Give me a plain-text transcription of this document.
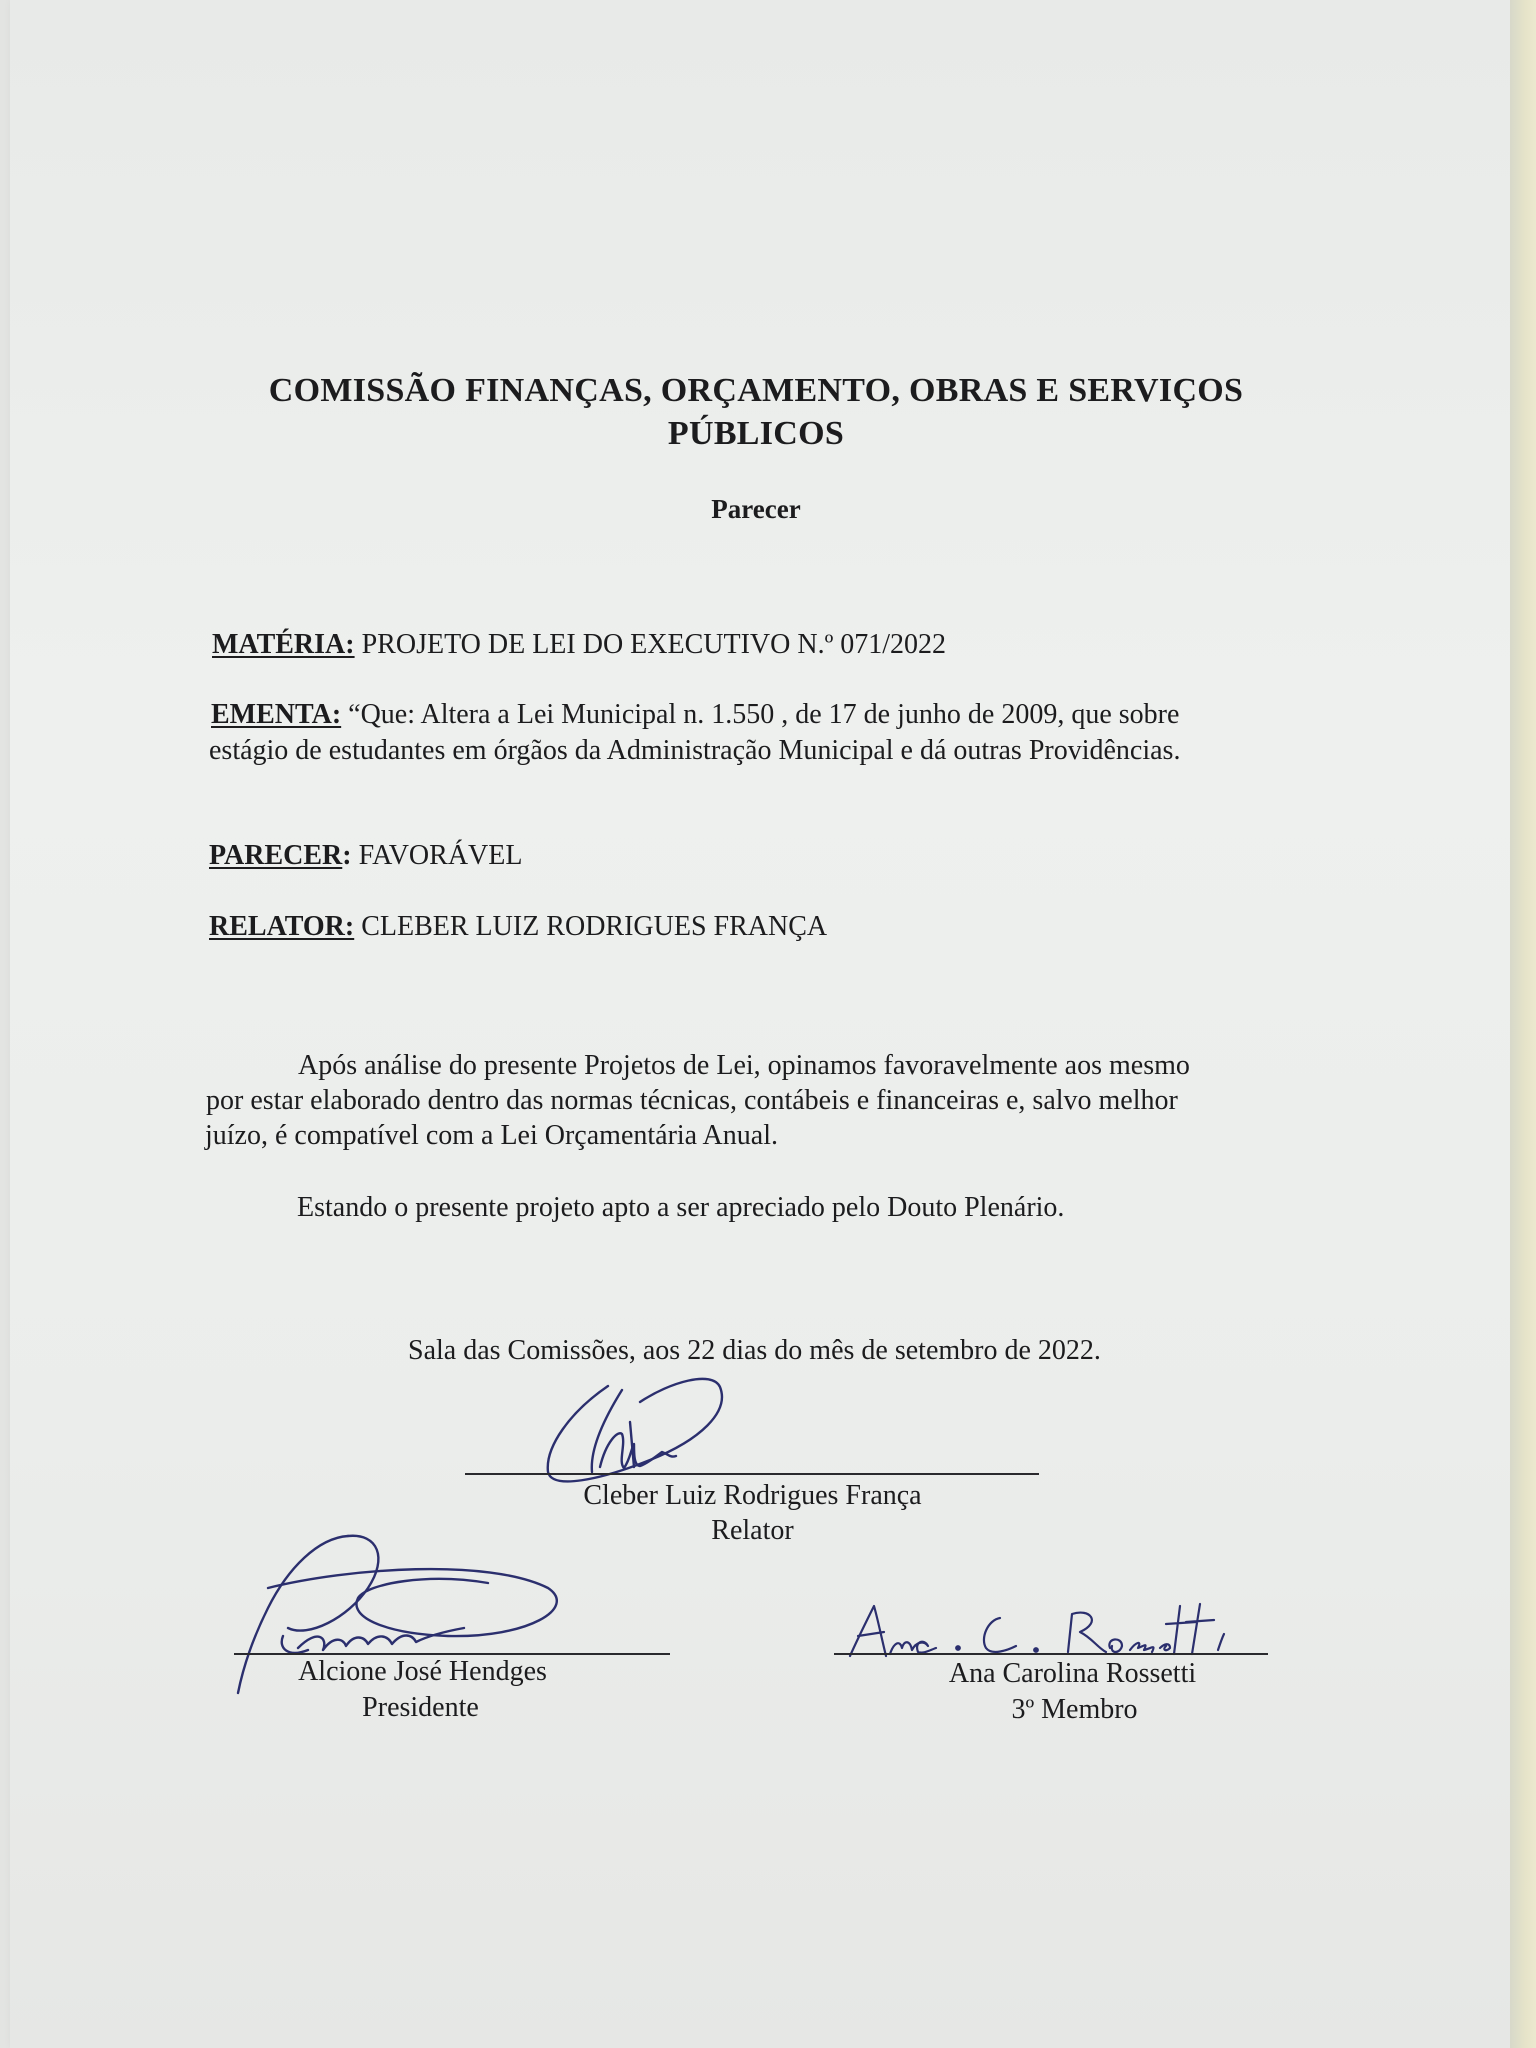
COMISSÃO FINANÇAS, ORÇAMENTO, OBRAS E SERVIÇOS
PÚBLICOS
Parecer
MATÉRIA: PROJETO DE LEI DO EXECUTIVO N.º 071/2022
EMENTA: “Que: Altera a Lei Municipal n. 1.550 , de 17 de junho de 2009, que sobre
estágio de estudantes em órgãos da Administração Municipal e dá outras Providências.
PARECER: FAVORÁVEL
RELATOR: CLEBER LUIZ RODRIGUES FRANÇA
Após análise do presente Projetos de Lei, opinamos favoravelmente aos mesmo
por estar elaborado dentro das normas técnicas, contábeis e financeiras e, salvo melhor
juízo, é compatível com a Lei Orçamentária Anual.
Estando o presente projeto apto a ser apreciado pelo Douto Plenário.
Sala das Comissões, aos 22 dias do mês de setembro de 2022.
Cleber Luiz Rodrigues França
Relator
Alcione José Hendges
Presidente
Ana Carolina Rossetti
3º Membro
